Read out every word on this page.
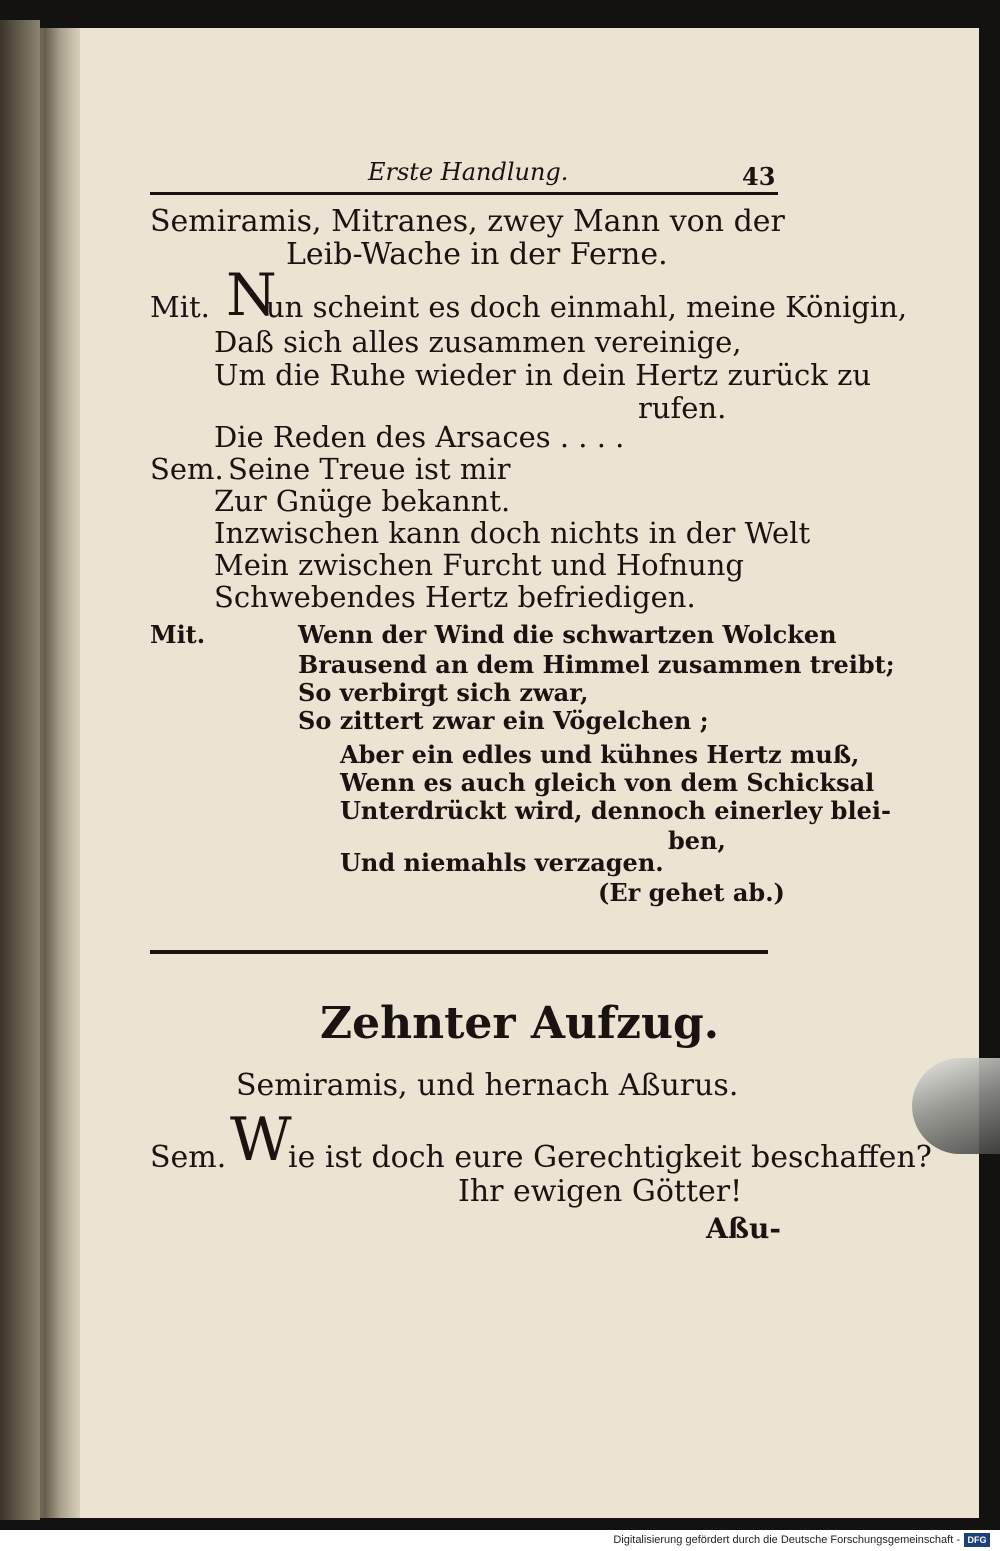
Erste Handlung.	43
Semiramis, Mitranes, zwey Mann von der
Leib-Wache in der Ferne.
Mit. N
un scheint es doch einmahl, meine Königin,
Daß sich alles zusammen vereinige,
Um die Ruhe wieder in dein Hertz zurück zu
rufen.
Die Reden des Arsaces . . . .
Sem. Seine Treue ist mir
Zur Gnüge bekannt.
Inzwischen kann doch nichts in der Welt
Mein zwischen Furcht und Hofnung
Schwebendes Hertz befriedigen.
Mit.	Wenn der Wind die schwartzen Wolcken
Brausend an dem Himmel zusammen treibt;
So verbirgt sich zwar,
So zittert zwar ein Vögelchen ;
Aber ein edles und kühnes Hertz muß,
Wenn es auch gleich von dem Schicksal
Unterdrückt wird, dennoch einerley blei-
ben,
Und niemahls verzagen.
(Er gehet ab.)
Zehnter Aufzug.
Semiramis, und hernach Aßurus.
Sem. W
ie ist doch eure Gerechtigkeit beschaffen?
Ihr ewigen Götter!
Aßu-
Digitalisierung gefördert durch die Deutsche Forschungsgemeinschaft - DFG
